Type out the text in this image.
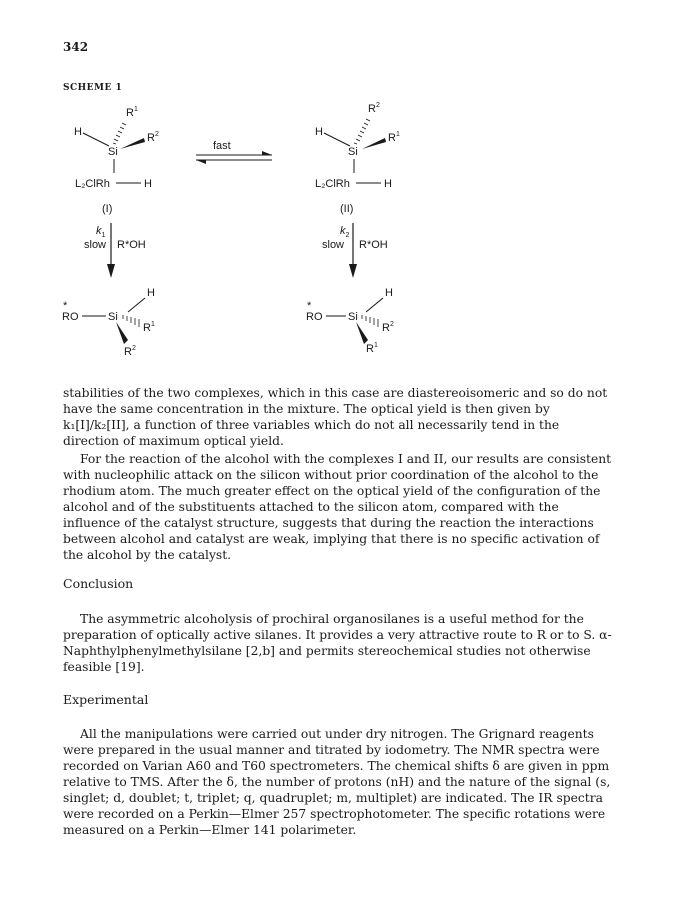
342
SCHEME 1
H
$R^1$
$R^2$
Si
L₂ClRh	H
(I)
fast
$R^2$
H	$R^1$
Si
L₂ClRh	H
(II)
$k_1$
slow R*OH
$k_2$
slow R*OH
H
*
RO	Si
$R^1$
$R^2$
H
*
RO Si
$R^2$
$R^1$

stabilities of the two complexes, which in this case are diastereoisomeric and so do not have the same concentration in the mixture. The optical yield is then given by k₁[I]/k₂[II], a function of three variables which do not all necessarily tend in the direction of maximum optical yield.

For the reaction of the alcohol with the complexes I and II, our results are consistent with nucleophilic attack on the silicon without prior coordination of the alcohol to the rhodium atom. The much greater effect on the optical yield of the configuration of the alcohol and of the substituents attached to the silicon atom, compared with the influence of the catalyst structure, suggests that during the reaction the interactions between alcohol and catalyst are weak, implying that there is no specific activation of the alcohol by the catalyst.

Conclusion

The asymmetric alcoholysis of prochiral organosilanes is a useful method for the preparation of optically active silanes. It provides a very attractive route to R or to S. α-Naphthylphenylmethylsilane [2,b] and permits stereochemical studies not otherwise feasible [19].

Experimental

All the manipulations were carried out under dry nitrogen. The Grignard reagents were prepared in the usual manner and titrated by iodometry. The NMR spectra were recorded on Varian A60 and T60 spectrometers. The chemical shifts δ are given in ppm relative to TMS. After the δ, the number of protons (nH) and the nature of the signal (s, singlet; d, doublet; t, triplet; q, quadruplet; m, multiplet) are indicated. The IR spectra were recorded on a Perkin—Elmer 257 spectrophotometer. The specific rotations were measured on a Perkin—Elmer 141 polarimeter.
